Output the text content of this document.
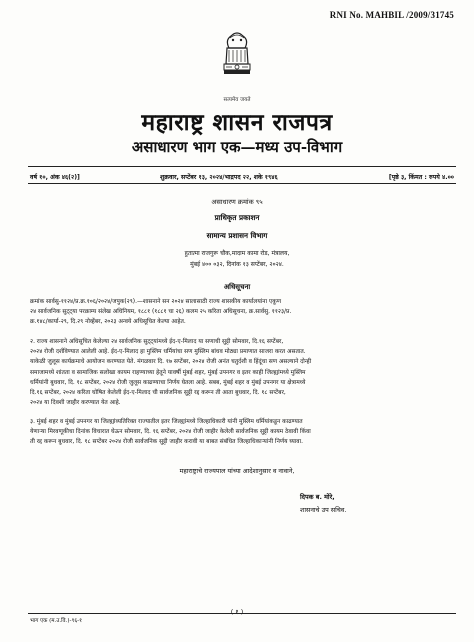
RNI No. MAHBIL /2009/31745
सत्यमेव जयते
महाराष्ट्र शासन राजपत्र
असाधारण भाग एक—मध्य उप-विभाग
वर्ष १०, अंक ४६(२)]	शुक्रवार, सप्टेंबर १३, २०२४/भाद्रपद २२, शके १९४६	[पृष्ठे ३, किंमत : रुपये ४.००
असाधारण क्रमांक ९५
प्राधिकृत प्रकाशन
सामान्य प्रशासन विभाग
हुतात्मा राजगुरू चौक,मादाम कामा रोड, मंत्रालय,
मुंबई ४०० ०३२, दिनांक १३ सप्टेंबर, २०२४.
अधिसूचना
क्रमांक सार्वसु-११२४/प्र.क्र.१०६/२०२४/जपुक(२९).—शासनाने सन २०२४ सालासाठी राज्य शासकीय कार्यालयांना एकूण
२४ सार्वजनिक सुट्ट्या परक्राम्य संलेख अधिनियम, १८८१ (१८८१ चा २६) कलम २५ करिता अधिसूचना, क्र.सार्वसु. ११२३/प्र.
क्र.१४८/कार्या-२९, दि.२९ नोव्हेंबर, २०२३ अन्वये अधिसूचित केल्या आहेत.
२. राज्य शासनाने अधिसूचित केलेल्या २४ सार्वजनिक सुट्ट्यांमध्ये ईद-ए-मिलाद या सणाची सुट्टी सोमवार, दि.१६ सप्टेंबर,
२०२४ रोजी दर्शविण्यात आलेली आहे. ईद-ए-मिलाद हा मुस्लिम धर्मियांचा सण मुस्लिम बांधव मोठ्या प्रमाणात साजरा करत असतात.
याकेळी जुलूस कार्यक्रमाचे आयोजन करण्यात येते. मंगळवार दि. १७ सप्टेंबर, २०२४ रोजी अनंत चतुर्दशी व हिंदूंचा सण असल्याने दोन्ही
समाजामध्ये शांतता व सामाजिक सलोखा कायम राहण्याच्या हेतूने यावर्षी मुंबई शहर, मुंबई उपनगर व इतर काही जिल्ह्यांमध्ये मुस्लिम
धर्मियांनी बुधवार, दि. १८ सप्टेंबर, २०२४ रोजी जुलूस काढण्याचा निर्णय घेतला आहे. सबब, मुंबई शहर व मुंबई उपनगर या क्षेत्रामध्ये
दि.१६ सप्टेंबर, २०२४ करिता घोषित केलेली ईद-ए-मिलाद ची सार्वजनिक सुट्टी रद्द करून ती आता बुधवार, दि. १८ सप्टेंबर,
२०२४ या दिवशी जाहीर करण्यात येत आहे.
३. मुंबई शहर व मुंबई उपनगर या जिल्ह्यांव्यतिरिक्त राज्यातील इतर जिल्ह्यांमध्ये जिल्हाधिकारी यांनी मुस्लिम धर्मियांकडून काढण्यात
येणाऱ्या मिरवणूकीचा दिनांक विचारात घेऊन सोमवार, दि. १६ सप्टेंबर, २०२४ रोजी जाहीर केलेली सार्वजनिक सुट्टी कायम ठेवावी किंवा
ती रद्द करून बुधवार, दि. १८ सप्टेंबर २०२४ रोजी सार्वजनिक सुट्टी जाहीर करावी या बाबत संबंधित जिल्हाधिकाऱ्यांनी निर्णय घ्यावा.
महाराष्ट्राचे राज्यपाल यांच्या आदेशानुसार व नावाने,
दिपक ब. मोरे,
शासनाचे उप सचिव.
( १ )
भाग एक (म.उ.वि.)-९६-१
